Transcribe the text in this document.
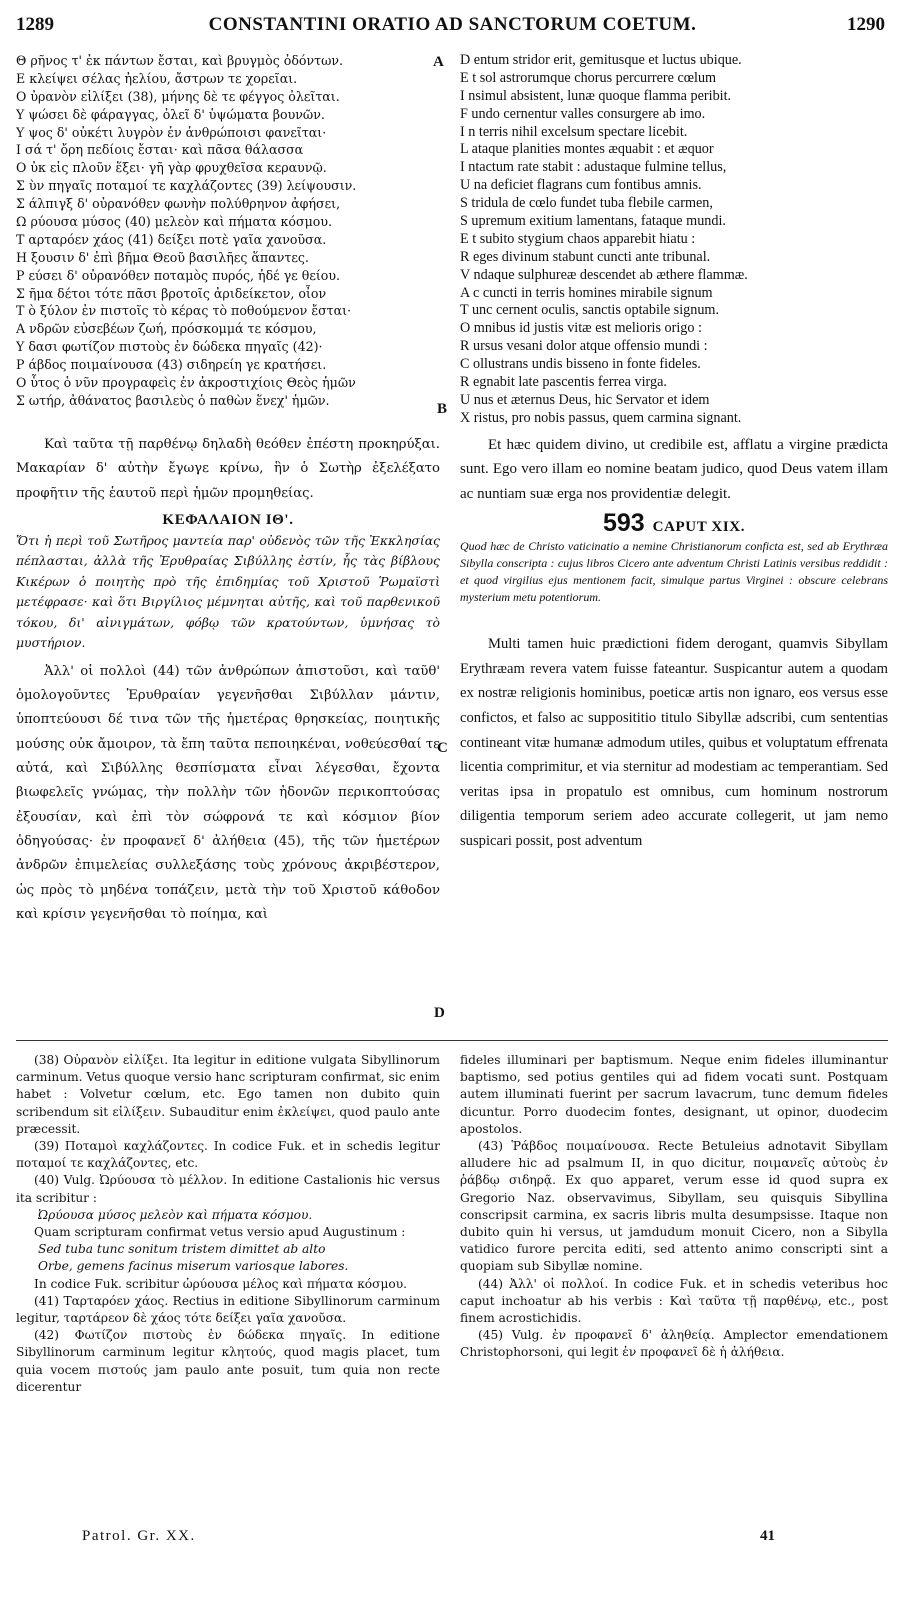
1289	CONSTANTINI ORATIO AD SANCTORUM COETUM.	1290
Θ ρῆνος τ' ἐκ πάντων ἔσται, καὶ βρυγμὸς ὀδόντων.
Ε κλείψει σέλας ἠελίου, ἄστρων τε χορεῖαι.
Ο ὐρανὸν εἰλίξει (38), μήνης δὲ τε φέγγος ὀλεῖται.
Υ ψώσει δὲ φάραγγας, ὀλεῖ δ' ὑψώματα βουνῶν.
Υ ψος δ' οὐκέτι λυγρὸν ἐν ἀνθρώποισι φανεῖται·
Ι σά τ' ὄρη πεδίοις ἔσται· καὶ πᾶσα θάλασσα
Ο ὐκ εἰς πλοῦν ἕξει· γῆ γὰρ φρυχθεῖσα κεραυνῷ.
Σ ὺν πηγαῖς ποταμοί τε καχλάζοντες (39) λείψουσιν.
Σ άλπιγξ δ' οὐρανόθεν φωνὴν πολύθρηνον ἀφήσει,
Ω ρύουσα μύσος (40) μελεὸν καὶ πήματα κόσμου.
Τ αρταρόεν χάος (41) δείξει ποτὲ γαῖα χανοῦσα.
Η ξουσιν δ' ἐπὶ βῆμα Θεοῦ βασιλῆες ἅπαντες.
Ρ εύσει δ' οὐρανόθεν ποταμὸς πυρός, ἠδέ γε θείου.
Σ ῆμα δέτοι τότε πᾶσι βροτοῖς ἀριδείκετον, οἶον
Τ ὸ ξύλον ἐν πιστοῖς τὸ κέρας τὸ ποθούμενον ἔσται·
Α νδρῶν εὐσεβέων ζωή, πρόσκομμά τε κόσμου,
Υ δασι φωτίζον πιστοὺς ἐν δώδεκα πηγαῖς (42)·
Ρ άβδος ποιμαίνουσα (43) σιδηρείη γε κρατήσει.
Ο ὗτος ὁ νῦν προγραφεὶς ἐν ἀκροστιχίοις Θεὸς ἡμῶν
Σ ωτήρ, ἀθάνατος βασιλεὺς ὁ παθὼν ἕνεχ' ἡμῶν.
D entum stridor erit, gemitusque et luctus ubique.
E t sol astrorumque chorus percurrere cœlum
I nsimul absistent, lunæ quoque flamma peribit.
F undo cernentur valles consurgere ab imo.
I n terris nihil excelsum spectare licebit.
L ataque planities montes æquabit : et æquor
I ntactum rate stabit : adustaque fulmine tellus,
U na deficiet flagrans cum fontibus amnis.
S tridula de cœlo fundet tuba flebile carmen,
S upremum exitium lamentans, fataque mundi.
E t subito stygium chaos apparebit hiatu :
R eges divinum stabunt cuncti ante tribunal.
V ndaque sulphureæ descendet ab æthere flammæ.
A c cuncti in terris homines mirabile signum
T unc cernent oculis, sanctis optabile signum.
O mnibus id justis vitæ est melioris origo :
R ursus vesani dolor atque offensio mundi :
C ollustrans undis bisseno in fonte fideles.
R egnabit late pascentis ferrea virga.
U nus et æternus Deus, hic Servator et idem
X ristus, pro nobis passus, quem carmina signant.
A
B
C
D

Καὶ ταῦτα τῇ παρθένῳ δηλαδὴ θεόθεν ἐπέστη προκηρύξαι. Μακαρίαν δ' αὐτὴν ἔγωγε κρίνω, ἣν ὁ Σωτὴρ ἐξελέξατο προφῆτιν τῆς ἑαυτοῦ περὶ ἡμῶν προμηθείας.

ΚΕΦΑΛΑΙΟΝ ΙΘ'.
Ὅτι ἡ περὶ τοῦ Σωτῆρος μαντεία παρ' οὐδενὸς τῶν τῆς Ἐκκλησίας πέπλασται, ἀλλὰ τῆς Ἐρυθραίας Σιβύλλης ἐστίν, ἧς τὰς βίβλους Κικέρων ὁ ποιητὴς πρὸ τῆς ἐπιδημίας τοῦ Χριστοῦ Ῥωμαϊστὶ μετέφρασε· καὶ ὅτι Βιργίλιος μέμνηται αὐτῆς, καὶ τοῦ παρθενικοῦ τόκου, δι' αἰνιγμάτων, φόβῳ τῶν κρατούντων, ὑμνήσας τὸ μυστήριον.

Ἀλλ' οἱ πολλοὶ (44) τῶν ἀνθρώπων ἀπιστοῦσι, καὶ ταῦθ' ὁμολογοῦντες Ἐρυθραίαν γεγενῆσθαι Σιβύλλαν μάντιν, ὑποπτεύουσι δέ τινα τῶν τῆς ἡμετέρας θρησκείας, ποιητικῆς μούσης οὐκ ἄμοιρον, τὰ ἔπη ταῦτα πεποιηκέναι, νοθεύεσθαί τε αὐτά, καὶ Σιβύλλης θεσπίσματα εἶναι λέγεσθαι, ἔχοντα βιωφελεῖς γνώμας, τὴν πολλὴν τῶν ἡδονῶν περικοπτούσας ἐξουσίαν, καὶ ἐπὶ τὸν σώφρονά τε καὶ κόσμιον βίον ὁδηγούσας· ἐν προφανεῖ δ' ἀλήθεια (45), τῆς τῶν ἡμετέρων ἀνδρῶν ἐπιμελείας συλλεξάσης τοὺς χρόνους ἀκριβέστερον, ὡς πρὸς τὸ μηδένα τοπάζειν, μετὰ τὴν τοῦ Χριστοῦ κάθοδον καὶ κρίσιν γεγενῆσθαι τὸ ποίημα, καὶ

Et hæc quidem divino, ut credibile est, afflatu a virgine prædicta sunt. Ego vero illam eo nomine beatam judico, quod Deus vatem illam ac nuntiam suæ erga nos providentiæ delegit.

593 CAPUT XIX.
Quod hæc de Christo vaticinatio a nemine Christianorum conficta est, sed ab Erythræa Sibylla conscripta : cujus libros Cicero ante adventum Christi Latinis versibus reddidit : et quod virgilius ejus mentionem facit, simulque partus Virginei : obscure celebrans mysterium metu potentiorum.

Multi tamen huic prædictioni fidem derogant, quamvis Sibyllam Erythræam revera vatem fuisse fateantur. Suspicantur autem a quodam ex nostræ religionis hominibus, poeticæ artis non ignaro, eos versus esse confictos, et falso ac supposititio titulo Sibyllæ adscribi, cum sententias contineant vitæ humanæ admodum utiles, quibus et voluptatum effrenata licentia comprimitur, et via sternitur ad modestiam ac temperantiam. Sed veritas ipsa in propatulo est omnibus, cum hominum nostrorum diligentia temporum seriem adeo accurate collegerit, ut jam nemo suspicari possit, post adventum

(38) Οὐρανὸν εἰλίξει. Ita legitur in editione vulgata Sibyllinorum carminum. Vetus quoque versio hanc scripturam confirmat, sic enim habet : Volvetur cœlum, etc. Ego tamen non dubito quin scribendum sit εἰλίξειν. Subauditur enim ἐκλείψει, quod paulo ante præcessit.

(39) Ποταμοὶ καχλάζοντες. In codice Fuk. et in schedis legitur ποταμοί τε καχλάζοντες, etc.

(40) Vulg. Ὠρύουσα τὸ μέλλον. In editione Castalionis hic versus ita scribitur :

Ὠρύουσα μύσος μελεὸν καὶ πήματα κόσμου.

Quam scripturam confirmat vetus versio apud Augustinum :

Sed tuba tunc sonitum tristem dimittet ab alto

Orbe, gemens facinus miserum variosque labores.

In codice Fuk. scribitur ὠρύουσα μέλος καὶ πήματα κόσμου.

(41) Ταρταρόεν χάος. Rectius in editione Sibyllinorum carminum legitur, ταρτάρεον δὲ χάος τότε δείξει γαῖα χανοῦσα.

(42) Φωτίζον πιστοὺς ἐν δώδεκα πηγαῖς. In editione Sibyllinorum carminum legitur κλητούς, quod magis placet, tum quia vocem πιστούς jam paulo ante posuit, tum quia non recte dicerentur

fideles illuminari per baptismum. Neque enim fideles illuminantur baptismo, sed potius gentiles qui ad fidem vocati sunt. Postquam autem illuminati fuerint per sacrum lavacrum, tunc demum fideles dicuntur. Porro duodecim fontes, designant, ut opinor, duodecim apostolos.

(43) Ῥάβδος ποιμαίνουσα. Recte Betuleius adnotavit Sibyllam alludere hic ad psalmum II, in quo dicitur, ποιμανεῖς αὐτοὺς ἐν ῥάβδῳ σιδηρᾷ. Ex quo apparet, verum esse id quod supra ex Gregorio Naz. observavimus, Sibyllam, seu quisquis Sibyllina conscripsit carmina, ex sacris libris multa desumpsisse. Itaque non dubito quin hi versus, ut jamdudum monuit Cicero, non a Sibylla vatidico furore percita editi, sed attento animo conscripti sint a quopiam sub Sibyllæ nomine.

(44) Ἀλλ' οἱ πολλοί. In codice Fuk. et in schedis veteribus hoc caput inchoatur ab his verbis : Καὶ ταῦτα τῇ παρθένῳ, etc., post finem acrostichidis.

(45) Vulg. ἐν προφανεῖ δ' ἀληθείᾳ. Amplector emendationem Christophorsoni, qui legit ἐν προφανεῖ δὲ ἡ ἀλήθεια.

Patrol. Gr. XX.	41
